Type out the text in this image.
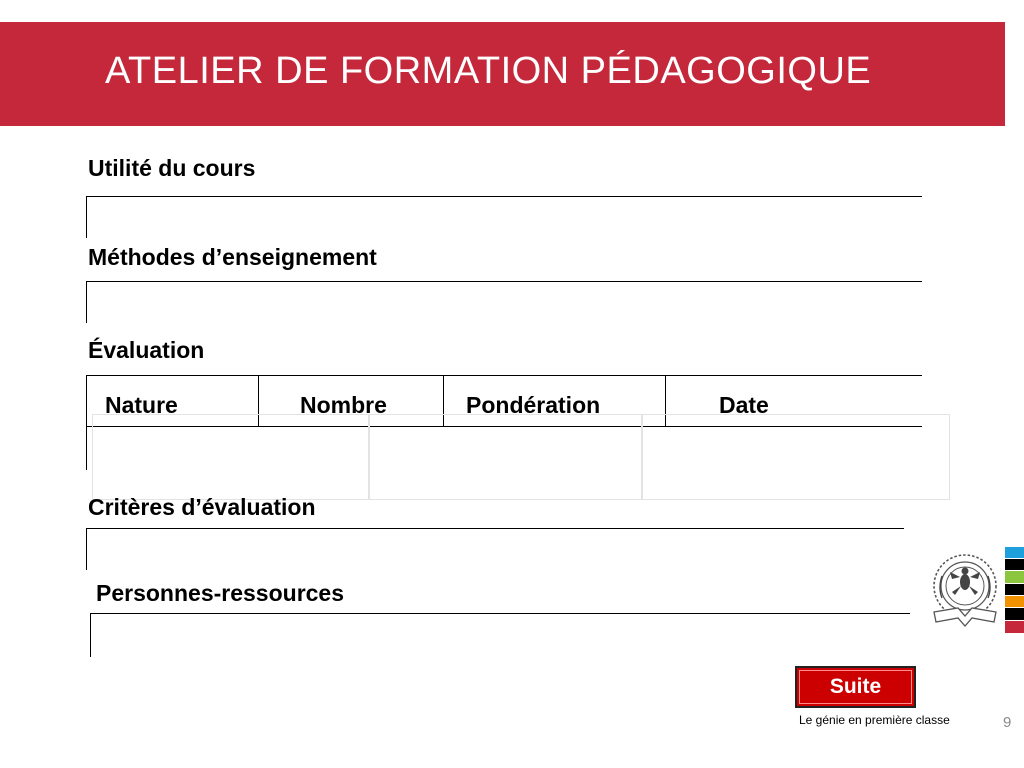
ATELIER DE FORMATION PÉDAGOGIQUE
Utilité du cours
Méthodes d’enseignement
Évaluation
Nature	Nombre	Pondération	Date
Critères d’évaluation
Personnes-ressources
Suite
Le génie en première classe	9
